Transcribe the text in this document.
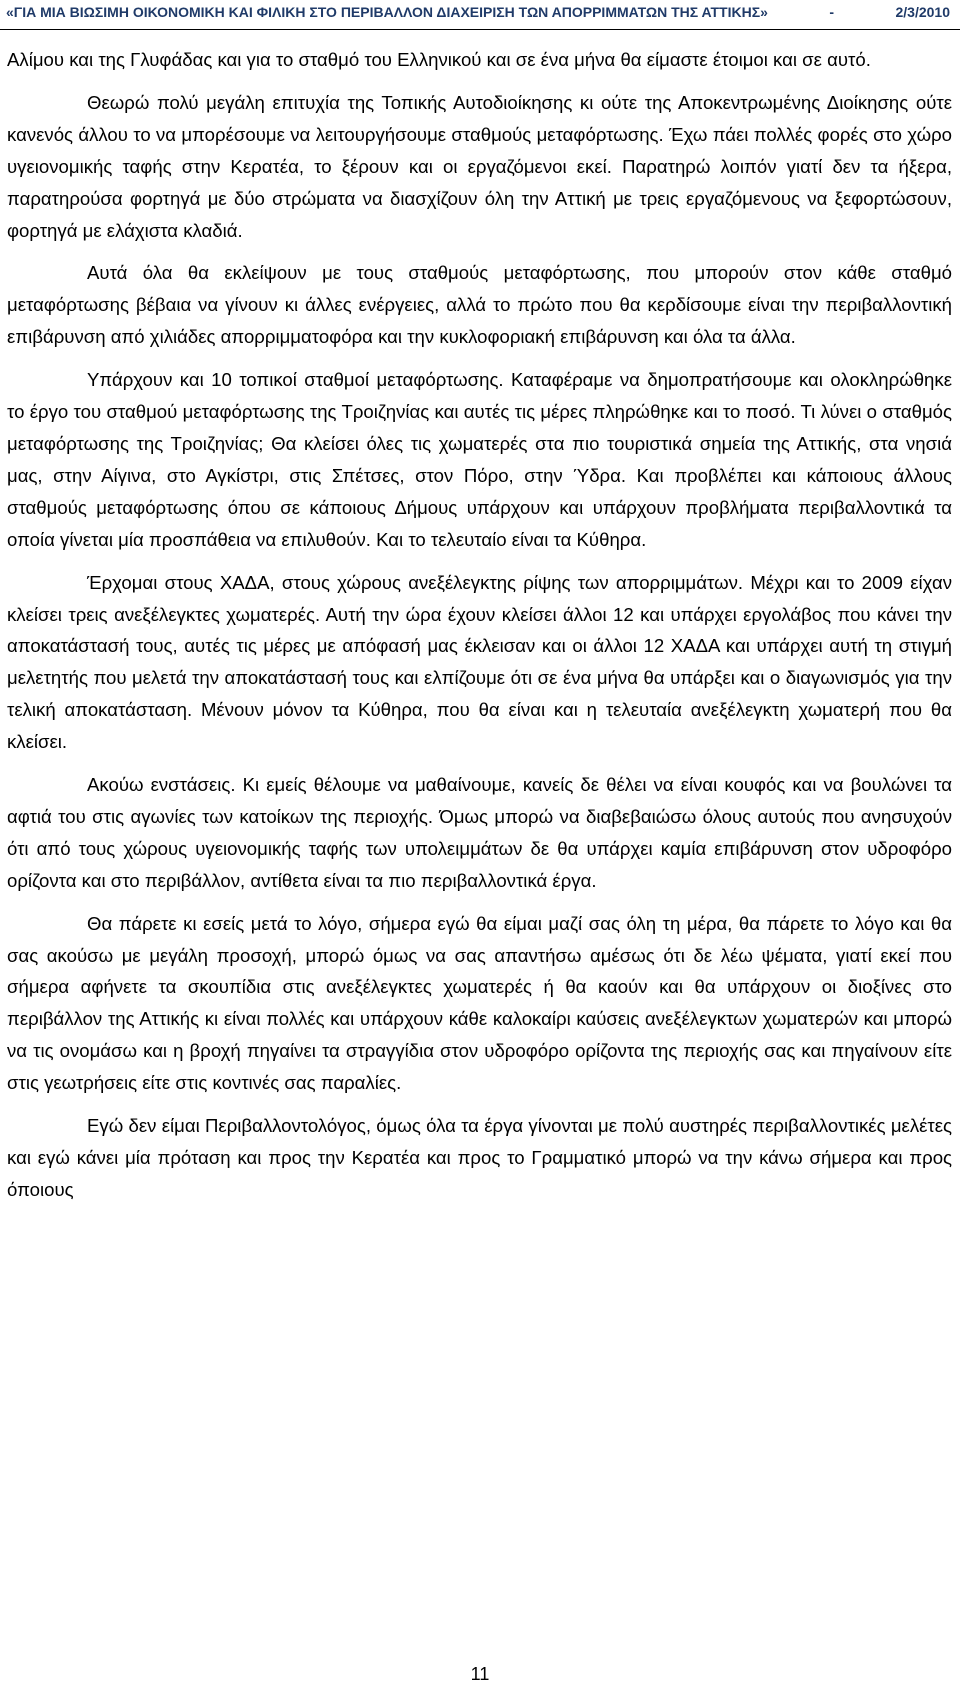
«ΓΙΑ ΜΙΑ ΒΙΩΣΙΜΗ ΟΙΚΟΝΟΜΙΚΗ ΚΑΙ ΦΙΛΙΚΗ ΣΤΟ ΠΕΡΙΒΑΛΛΟΝ ΔΙΑΧΕΙΡΙΣΗ ΤΩΝ ΑΠΟΡΡΙΜΜΑΤΩΝ ΤΗΣ ΑΤΤΙΚΗΣ»	-	2/3/2010

Αλίμου και της Γλυφάδας και για το σταθμό του Ελληνικού και σε ένα μήνα θα είμαστε έτοιμοι και σε αυτό.

Θεωρώ πολύ μεγάλη επιτυχία της Τοπικής Αυτοδιοίκησης κι ούτε της Αποκεντρωμένης Διοίκησης ούτε κανενός άλλου το να μπορέσουμε να λειτουργήσουμε σταθμούς μεταφόρτωσης. Έχω πάει πολλές φορές στο χώρο υγειονομικής ταφής στην Κερατέα, το ξέρουν και οι εργαζόμενοι εκεί. Παρατηρώ λοιπόν γιατί δεν τα ήξερα, παρατηρούσα φορτηγά με δύο στρώματα να διασχίζουν όλη την Αττική με τρεις εργαζόμενους να ξεφορτώσουν, φορτηγά με ελάχιστα κλαδιά.

Αυτά όλα θα εκλείψουν με τους σταθμούς μεταφόρτωσης, που μπορούν στον κάθε σταθμό μεταφόρτωσης βέβαια να γίνουν κι άλλες ενέργειες, αλλά το πρώτο που θα κερδίσουμε είναι την περιβαλλοντική επιβάρυνση από χιλιάδες απορριμματοφόρα και την κυκλοφοριακή επιβάρυνση και όλα τα άλλα.

Υπάρχουν και 10 τοπικοί σταθμοί μεταφόρτωσης. Καταφέραμε να δημοπρατήσουμε και ολοκληρώθηκε το έργο του σταθμού μεταφόρτωσης της Τροιζηνίας και αυτές τις μέρες πληρώθηκε και το ποσό. Τι λύνει ο σταθμός μεταφόρτωσης της Τροιζηνίας; Θα κλείσει όλες τις χωματερές στα πιο τουριστικά σημεία της Αττικής, στα νησιά μας, στην Αίγινα, στο Αγκίστρι, στις Σπέτσες, στον Πόρο, στην Ύδρα. Και προβλέπει και κάποιους άλλους σταθμούς μεταφόρτωσης όπου σε κάποιους Δήμους υπάρχουν και υπάρχουν προβλήματα περιβαλλοντικά τα οποία γίνεται μία προσπάθεια να επιλυθούν. Και το τελευταίο είναι τα Κύθηρα.

Έρχομαι στους ΧΑΔΑ, στους χώρους ανεξέλεγκτης ρίψης των απορριμμάτων. Μέχρι και το 2009 είχαν κλείσει τρεις ανεξέλεγκτες χωματερές. Αυτή την ώρα έχουν κλείσει άλλοι 12 και υπάρχει εργολάβος που κάνει την αποκατάστασή τους, αυτές τις μέρες με απόφασή μας έκλεισαν και οι άλλοι 12 ΧΑΔΑ και υπάρχει αυτή τη στιγμή μελετητής που μελετά την αποκατάστασή τους και ελπίζουμε ότι σε ένα μήνα θα υπάρξει και ο διαγωνισμός για την τελική αποκατάσταση. Μένουν μόνον τα Κύθηρα, που θα είναι και η τελευταία ανεξέλεγκτη χωματερή που θα κλείσει.

Ακούω ενστάσεις. Κι εμείς θέλουμε να μαθαίνουμε, κανείς δε θέλει να είναι κουφός και να βουλώνει τα αφτιά του στις αγωνίες των κατοίκων της περιοχής. Όμως μπορώ να διαβεβαιώσω όλους αυτούς που ανησυχούν ότι από τους χώρους υγειονομικής ταφής των υπολειμμάτων δε θα υπάρχει καμία επιβάρυνση στον υδροφόρο ορίζοντα και στο περιβάλλον, αντίθετα είναι τα πιο περιβαλλοντικά έργα.

Θα πάρετε κι εσείς μετά το λόγο, σήμερα εγώ θα είμαι μαζί σας όλη τη μέρα, θα πάρετε το λόγο και θα σας ακούσω με μεγάλη προσοχή, μπορώ όμως να σας απαντήσω αμέσως ότι δε λέω ψέματα, γιατί εκεί που σήμερα αφήνετε τα σκουπίδια στις ανεξέλεγκτες χωματερές ή θα καούν και θα υπάρχουν οι διοξίνες στο περιβάλλον της Αττικής κι είναι πολλές και υπάρχουν κάθε καλοκαίρι καύσεις ανεξέλεγκτων χωματερών και μπορώ να τις ονομάσω και η βροχή πηγαίνει τα στραγγίδια στον υδροφόρο ορίζοντα της περιοχής σας και πηγαίνουν είτε στις γεωτρήσεις είτε στις κοντινές σας παραλίες.

Εγώ δεν είμαι Περιβαλλοντολόγος, όμως όλα τα έργα γίνονται με πολύ αυστηρές περιβαλλοντικές μελέτες και εγώ κάνει μία πρόταση και προς την Κερατέα και προς το Γραμματικό μπορώ να την κάνω σήμερα και προς όποιους

11
